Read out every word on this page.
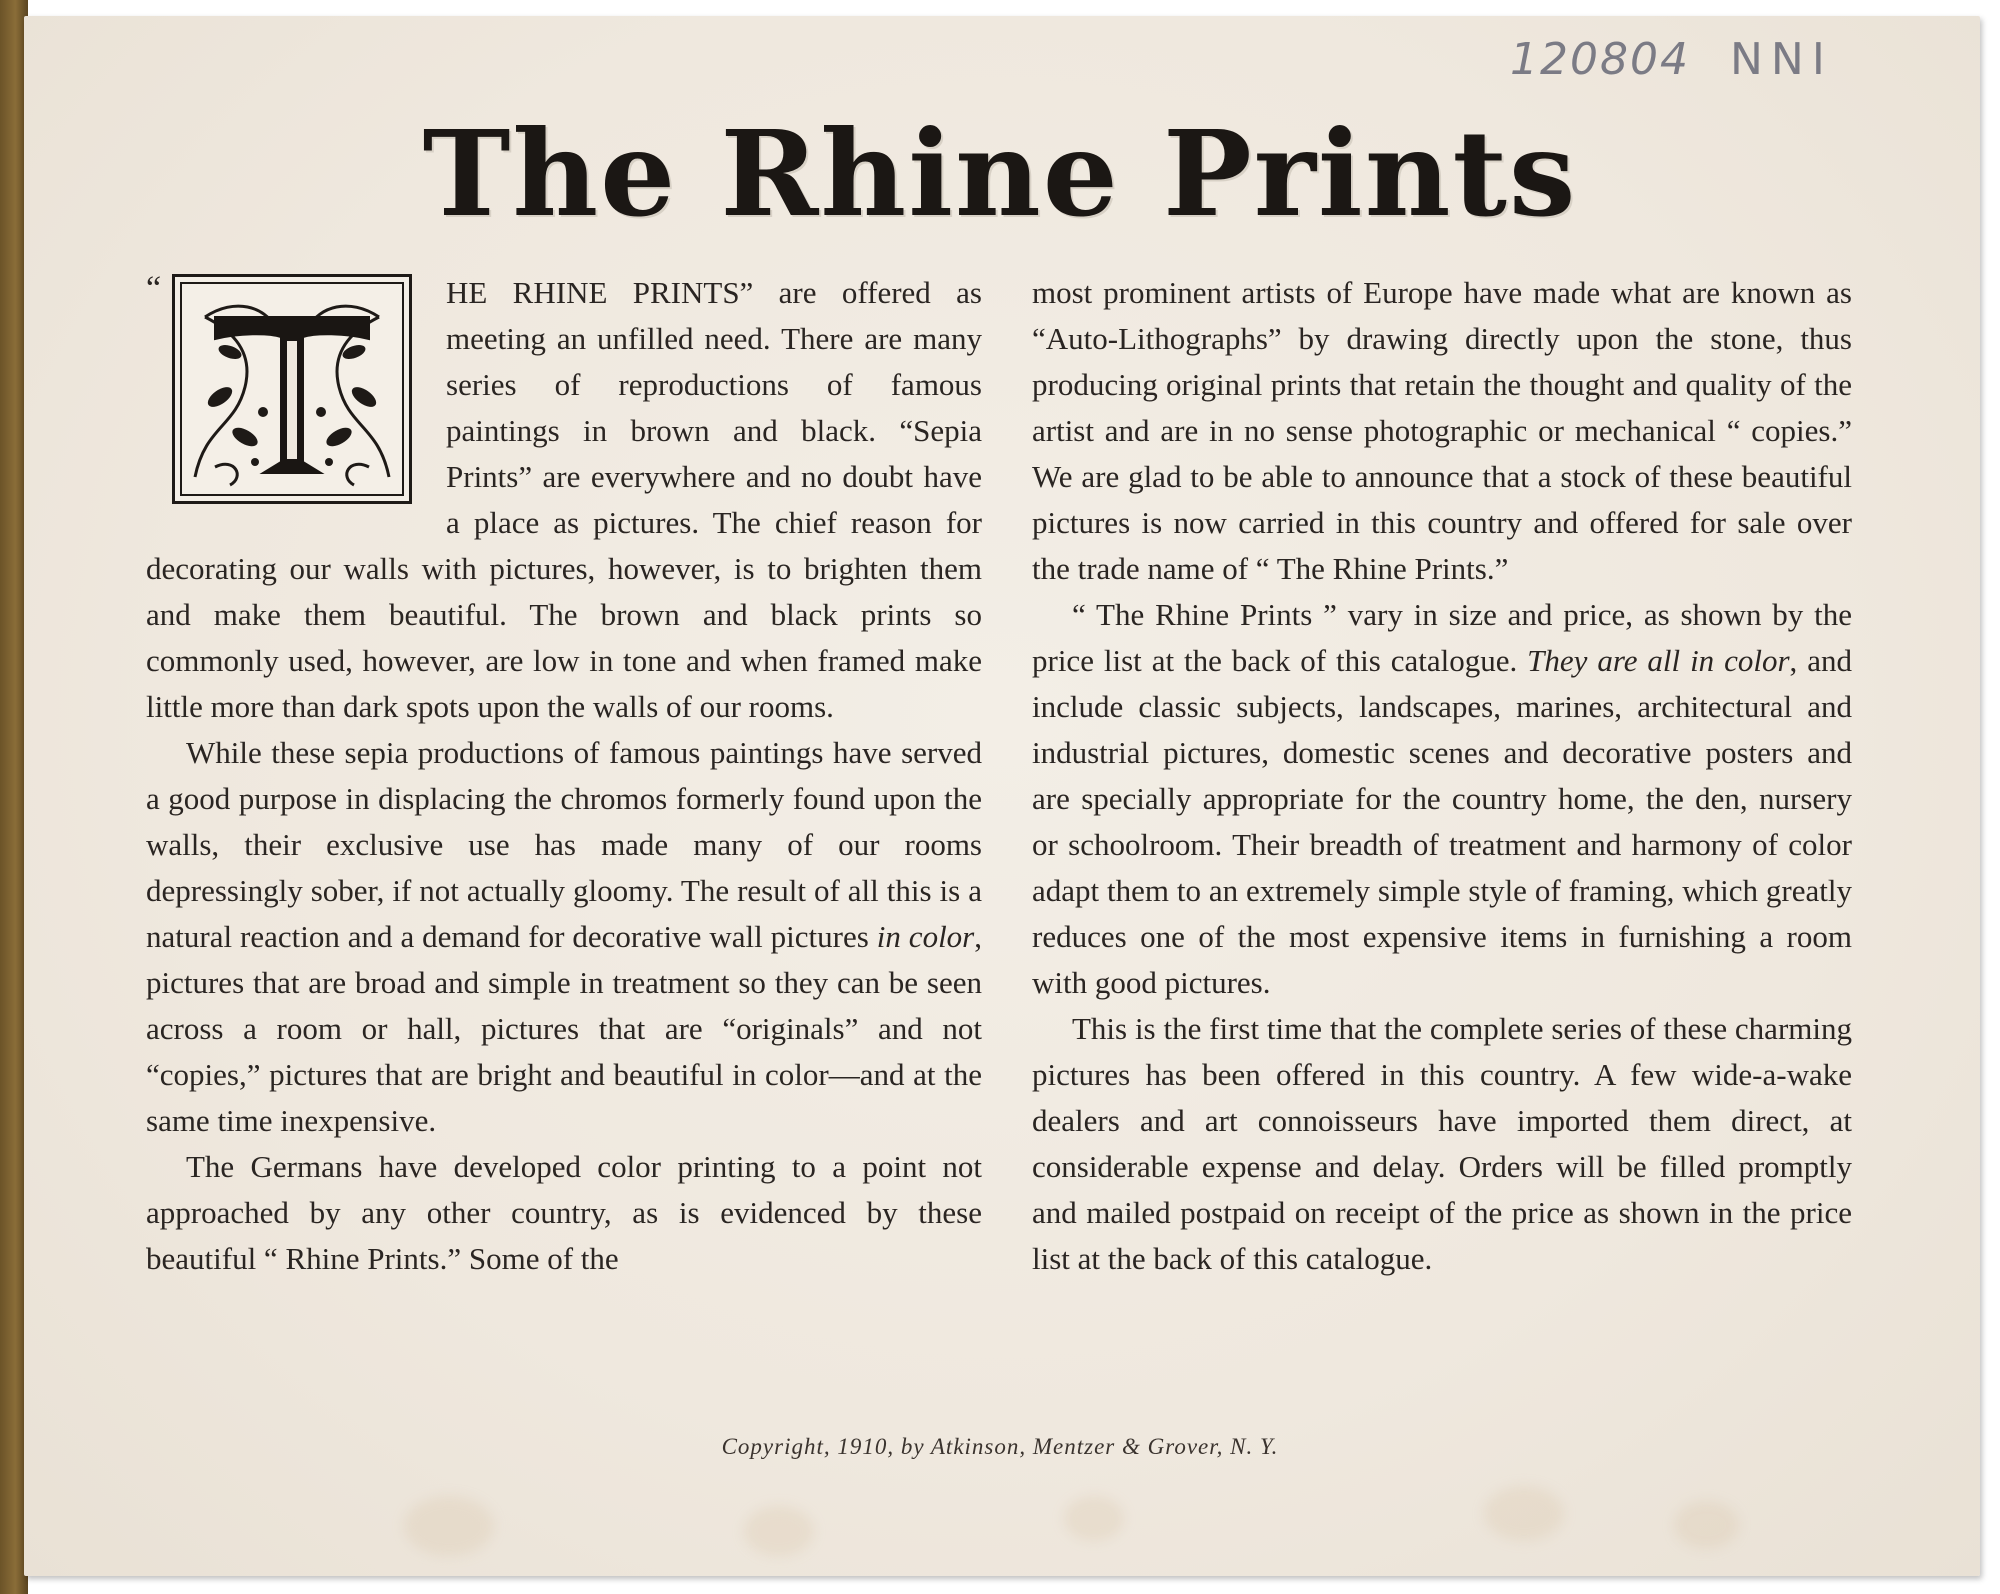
120804 NNI
The Rhine Prints
“	HE RHINE PRINTS” are offered as meeting an unfilled need. There are many series of reproductions of famous paintings in brown and black. “Sepia Prints” are everywhere and no doubt have a place as pictures. The chief reason for decorating our walls with pictures, however, is to brighten them and make them beautiful. The brown and black prints so commonly used, however, are low in tone and when framed make little more than dark spots upon the walls of our rooms.

While these sepia productions of famous paintings have served a good purpose in displacing the chromos formerly found upon the walls, their exclusive use has made many of our rooms depressingly sober, if not actually gloomy. The result of all this is a natural reaction and a demand for decorative wall pictures in color, pictures that are broad and simple in treatment so they can be seen across a room or hall, pictures that are “originals” and not “copies,” pictures that are bright and beautiful in color—and at the same time inexpensive.

The Germans have developed color printing to a point not approached by any other country, as is evidenced by these beautiful “ Rhine Prints.” Some of the

most prominent artists of Europe have made what are known as “Auto-Lithographs” by drawing directly upon the stone, thus producing original prints that retain the thought and quality of the artist and are in no sense photographic or mechanical “ copies.” We are glad to be able to announce that a stock of these beautiful pictures is now carried in this country and offered for sale over the trade name of “ The Rhine Prints.”

“ The Rhine Prints ” vary in size and price, as shown by the price list at the back of this catalogue. They are all in color, and include classic subjects, landscapes, marines, architectural and industrial pictures, domestic scenes and decorative posters and are specially appropriate for the country home, the den, nursery or schoolroom. Their breadth of treatment and harmony of color adapt them to an extremely simple style of framing, which greatly reduces one of the most expensive items in furnishing a room with good pictures.

This is the first time that the complete series of these charming pictures has been offered in this country. A few wide-a-wake dealers and art connoisseurs have imported them direct, at considerable expense and delay. Orders will be filled promptly and mailed postpaid on receipt of the price as shown in the price list at the back of this catalogue.

Copyright, 1910, by Atkinson, Mentzer & Grover, N. Y.
